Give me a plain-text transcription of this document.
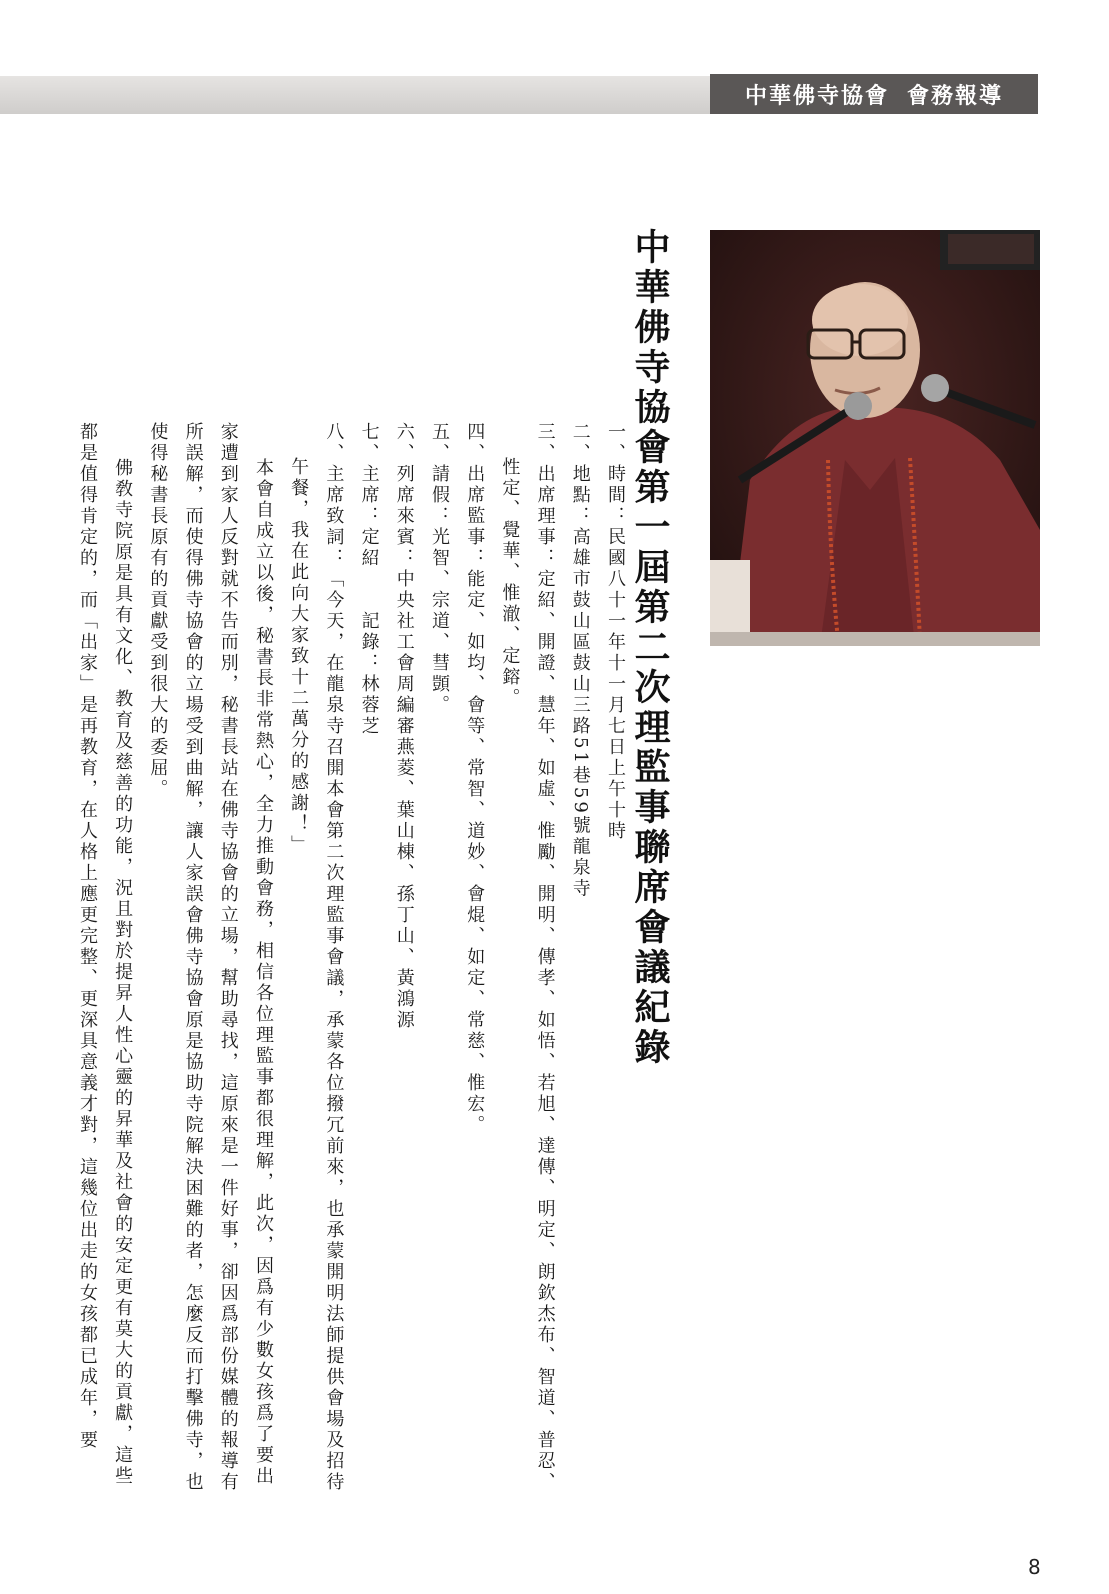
中華佛寺協會 會務報導
中華佛寺協會第一屆第二次理監事聯席會議紀錄

一、時間：民國八十一年十一月七日上午十時

二、地點：高雄市鼓山區鼓山三路51巷59號龍泉寺

三、出席理事：定紹、開證、慧年、如虛、惟勵、開明、傳孝、如悟、若旭、達傳、明定、朗欽杰布、智道、普忍、性定、覺華、惟澈、定鎔。

四、出席監事：能定、如均、會等、常智、道妙、會焜、如定、常慈、惟宏。

五、請假：光智、宗道、彗顗。

六、列席來賓：中央社工會周編審燕菱、葉山棟、孫丁山、黃鴻源

七、主席：定紹　　記錄：林蓉芝

八、主席致詞：「今天，在龍泉寺召開本會第二次理監事會議，承蒙各位撥冗前來，也承蒙開明法師提供會場及招待午餐，我在此向大家致十二萬分的感謝！」

本會自成立以後，秘書長非常熱心，全力推動會務，相信各位理監事都很理解，此次，因爲有少數女孩爲了要出家遭到家人反對就不告而別，秘書長站在佛寺協會的立場，幫助尋找，這原來是一件好事，卻因爲部份媒體的報導有所誤解，而使得佛寺協會的立場受到曲解，讓人家誤會佛寺協會原是協助寺院解決困難的者，怎麼反而打擊佛寺，也使得秘書長原有的貢獻受到很大的委屈。

佛敎寺院原是具有文化、教育及慈善的功能，況且對於提昇人性心靈的昇華及社會的安定更有莫大的貢獻，這些都是值得肯定的，而「出家」是再教育，在人格上應更完整、更深具意義才對，這幾位出走的女孩都已成年，要

8
